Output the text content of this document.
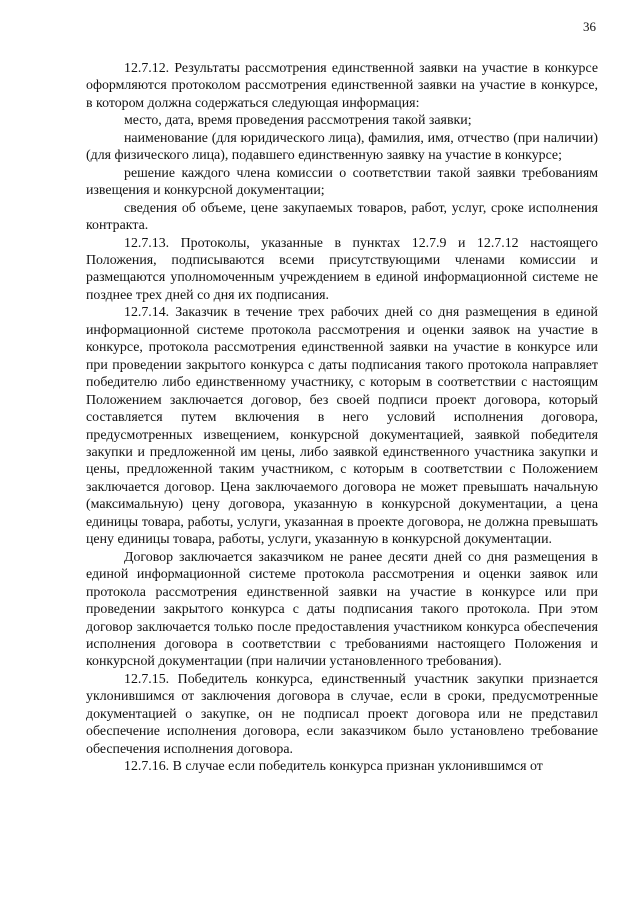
36

12.7.12. Результаты рассмотрения единственной заявки на участие в конкурсе оформляются протоколом рассмотрения единственной заявки на участие в конкурсе, в котором должна содержаться следующая информация:

место, дата, время проведения рассмотрения такой заявки;

наименование (для юридического лица), фамилия, имя, отчество (при наличии) (для физического лица), подавшего единственную заявку на участие в конкурсе;

решение каждого члена комиссии о соответствии такой заявки требованиям извещения и конкурсной документации;

сведения об объеме, цене закупаемых товаров, работ, услуг, сроке исполнения контракта.

12.7.13. Протоколы, указанные в пунктах 12.7.9 и 12.7.12 настоящего Положения, подписываются всеми присутствующими членами комиссии и размещаются уполномоченным учреждением в единой информационной системе не позднее трех дней со дня их подписания.

12.7.14. Заказчик в течение трех рабочих дней со дня размещения в единой информационной системе протокола рассмотрения и оценки заявок на участие в конкурсе, протокола рассмотрения единственной заявки на участие в конкурсе или при проведении закрытого конкурса с даты подписания такого протокола направляет победителю либо единственному участнику, с которым в соответствии с настоящим Положением заключается договор, без своей подписи проект договора, который составляется путем включения в него условий исполнения договора, предусмотренных извещением, конкурсной документацией, заявкой победителя закупки и предложенной им цены, либо заявкой единственного участника закупки и цены, предложенной таким участником, с которым в соответствии с Положением заключается договор. Цена заключаемого договора не может превышать начальную (максимальную) цену договора, указанную в конкурсной документации, а цена единицы товара, работы, услуги, указанная в проекте договора, не должна превышать цену единицы товара, работы, услуги, указанную в конкурсной документации.

Договор заключается заказчиком не ранее десяти дней со дня размещения в единой информационной системе протокола рассмотрения и оценки заявок или протокола рассмотрения единственной заявки на участие в конкурсе или при проведении закрытого конкурса с даты подписания такого протокола. При этом договор заключается только после предоставления участником конкурса обеспечения исполнения договора в соответствии с требованиями настоящего Положения и конкурсной документации (при наличии установленного требования).

12.7.15. Победитель конкурса, единственный участник закупки признается уклонившимся от заключения договора в случае, если в сроки, предусмотренные документацией о закупке, он не подписал проект договора или не представил обеспечение исполнения договора, если заказчиком было установлено требование обеспечения исполнения договора.

12.7.16. В случае если победитель конкурса признан уклонившимся от
